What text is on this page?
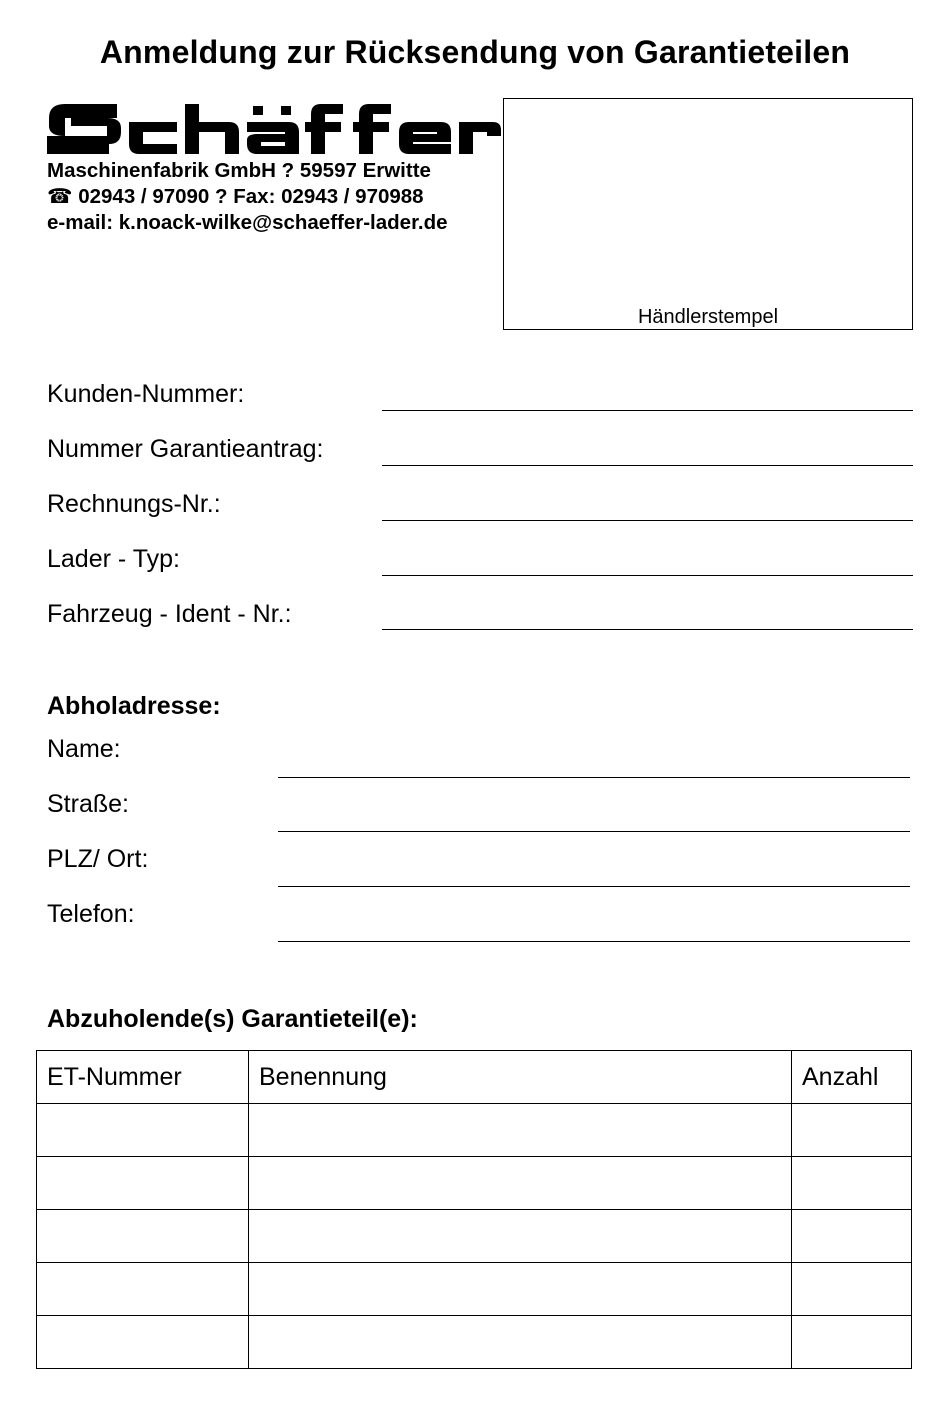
Anmeldung zur Rücksendung von Garantieteilen
Maschinenfabrik GmbH ? 59597 Erwitte
☎ 02943 / 97090 ? Fax: 02943 / 970988
e-mail: k.noack-wilke@schaeffer-lader.de
Händlerstempel
Kunden-Nummer:
Nummer Garantieantrag:
Rechnungs-Nr.:
Lader - Typ:
Fahrzeug - Ident - Nr.:
Abholadresse:
Name:
Straße:
PLZ/ Ort:
Telefon:
Abzuholende(s) Garantieteil(e):
ET-Nummer	Benennung	Anzahl
